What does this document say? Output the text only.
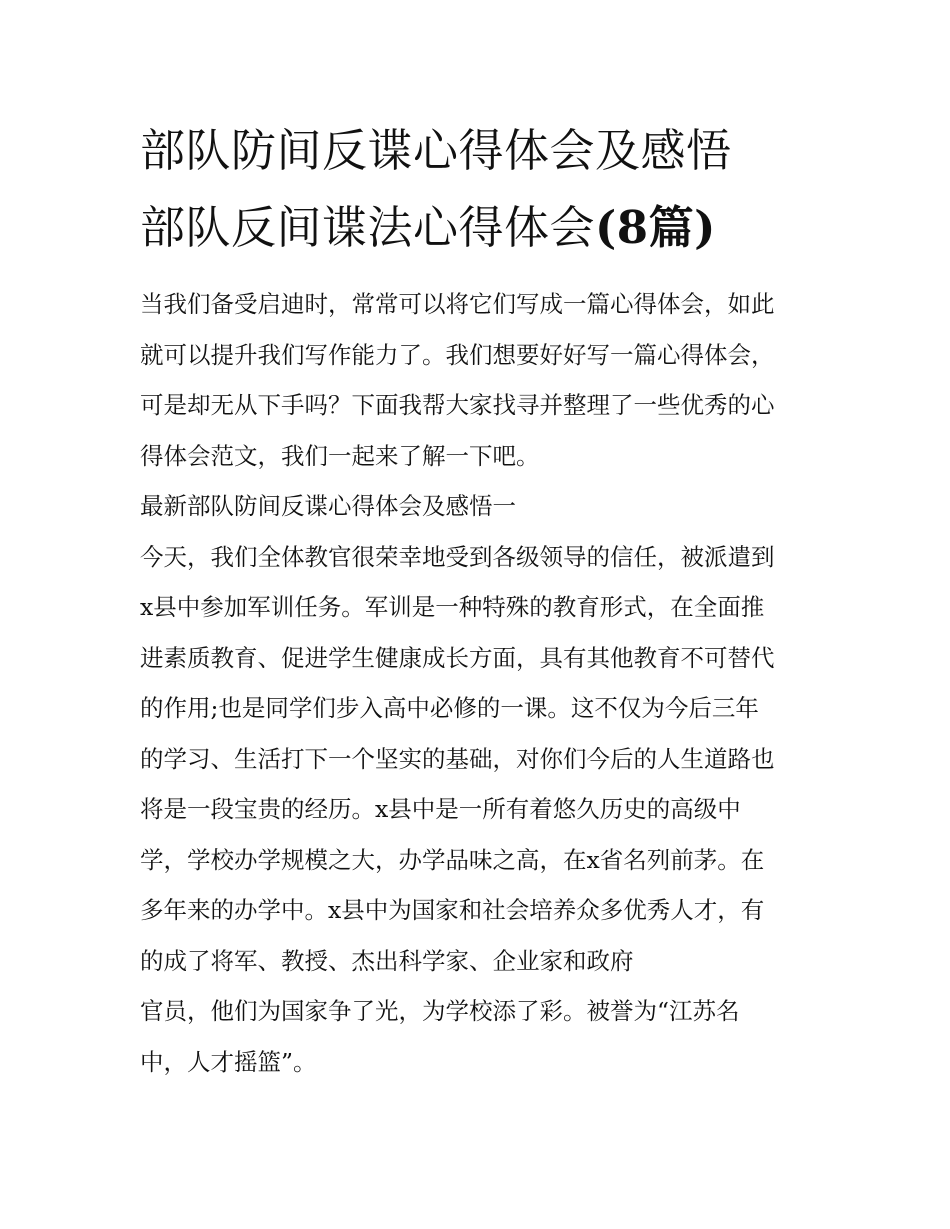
部队防间反谍心得体会及感悟
部队反间谍法心得体会(8篇)
当我们备受启迪时，常常可以将它们写成一篇心得体会，如此
就可以提升我们写作能力了。我们想要好好写一篇心得体会，
可是却无从下手吗？下面我帮大家找寻并整理了一些优秀的心
得体会范文，我们一起来了解一下吧。
最新部队防间反谍心得体会及感悟一
今天，我们全体教官很荣幸地受到各级领导的信任，被派遣到
x县中参加军训任务。军训是一种特殊的教育形式，在全面推
进素质教育、促进学生健康成长方面，具有其他教育不可替代
的作用;也是同学们步入高中必修的一课。这不仅为今后三年
的学习、生活打下一个坚实的基础，对你们今后的人生道路也
将是一段宝贵的经历。x县中是一所有着悠久历史的高级中
学，学校办学规模之大，办学品味之高，在x省名列前茅。在
多年来的办学中。x县中为国家和社会培养众多优秀人才，有
的成了将军、教授、杰出科学家、企业家和政府
官员，他们为国家争了光，为学校添了彩。被誉为“江苏名
中，人才摇篮”。
